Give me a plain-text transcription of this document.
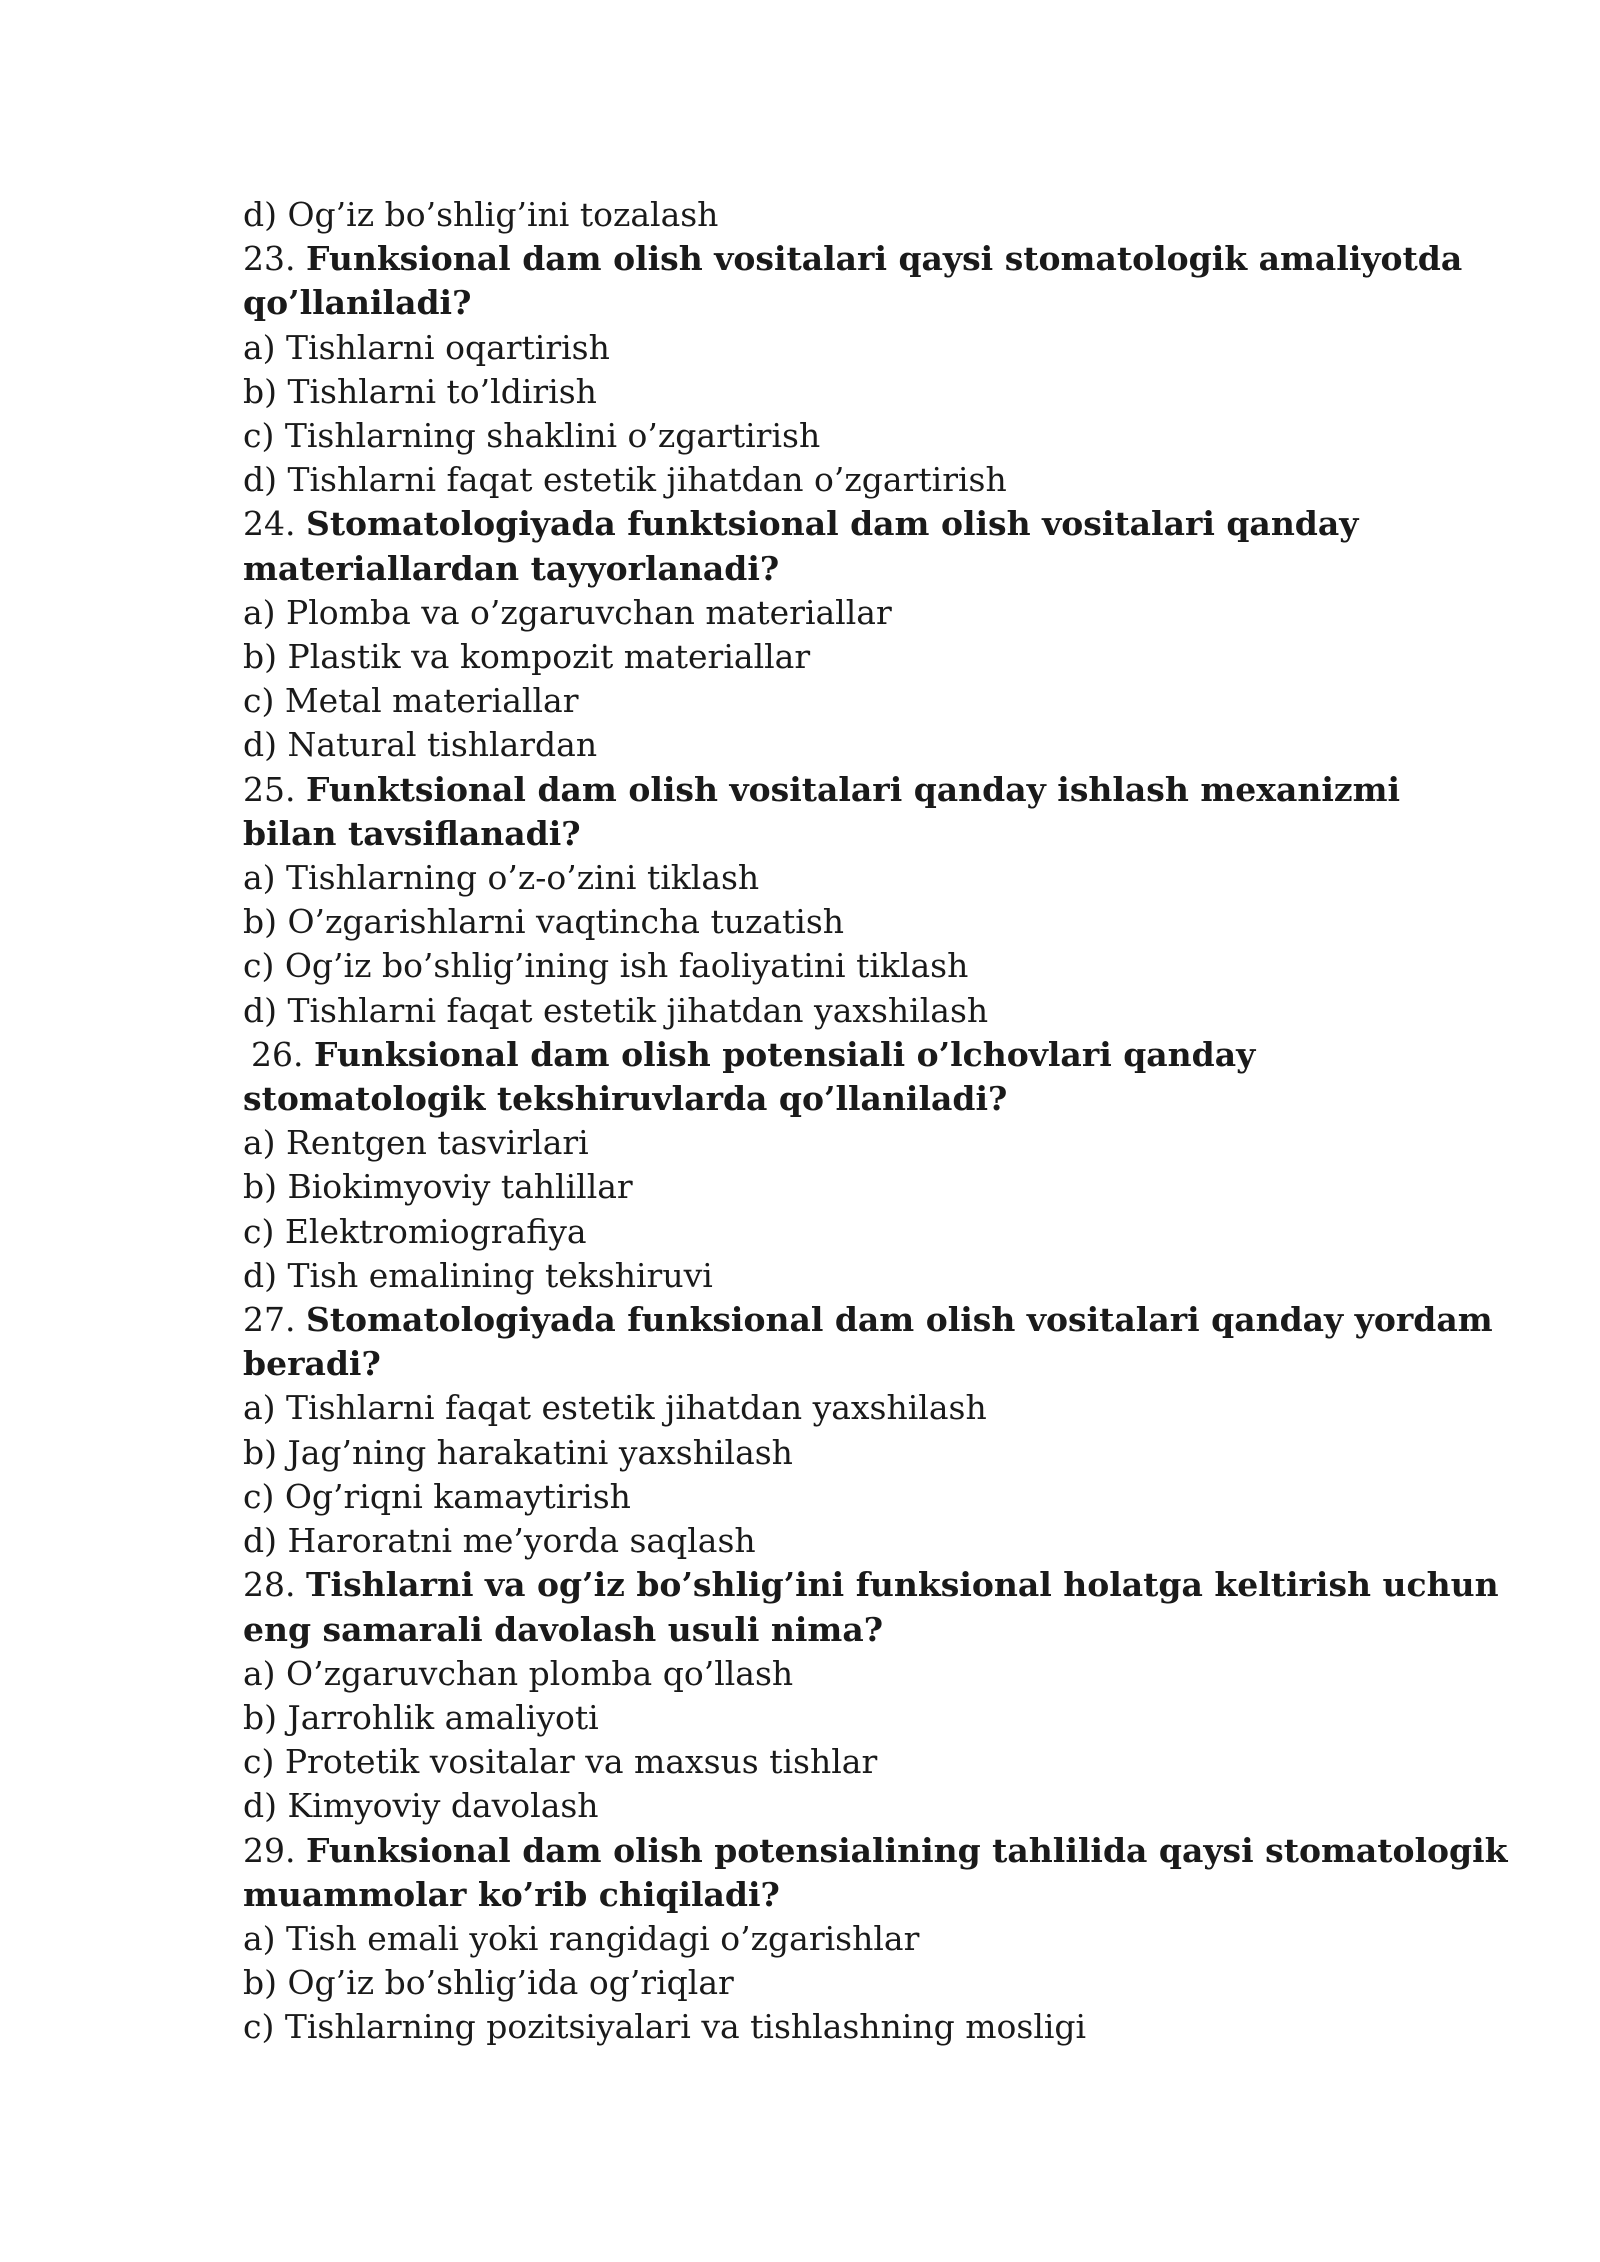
d) Og’iz bo’shlig’ini tozalash
23. Funksional dam olish vositalari qaysi stomatologik amaliyotda
qo’llaniladi?
a) Tishlarni oqartirish
b) Tishlarni to’ldirish
c) Tishlarning shaklini o’zgartirish
d) Tishlarni faqat estetik jihatdan o’zgartirish
24. Stomatologiyada funktsional dam olish vositalari qanday
materiallardan tayyorlanadi?
a) Plomba va o’zgaruvchan materiallar
b) Plastik va kompozit materiallar
c) Metal materiallar
d) Natural tishlardan
25. Funktsional dam olish vositalari qanday ishlash mexanizmi
bilan tavsiflanadi?
a) Tishlarning o’z-o’zini tiklash
b) O’zgarishlarni vaqtincha tuzatish
c) Og’iz bo’shlig’ining ish faoliyatini tiklash
d) Tishlarni faqat estetik jihatdan yaxshilash
26. Funksional dam olish potensiali o’lchovlari qanday
stomatologik tekshiruvlarda qo’llaniladi?
a) Rentgen tasvirlari
b) Biokimyoviy tahlillar
c) Elektromiografiya
d) Tish emalining tekshiruvi
27. Stomatologiyada funksional dam olish vositalari qanday yordam
beradi?
a) Tishlarni faqat estetik jihatdan yaxshilash
b) Jag’ning harakatini yaxshilash
c) Og’riqni kamaytirish
d) Haroratni me’yorda saqlash
28. Tishlarni va og’iz bo’shlig’ini funksional holatga keltirish uchun
eng samarali davolash usuli nima?
a) O’zgaruvchan plomba qo’llash
b) Jarrohlik amaliyoti
c) Protetik vositalar va maxsus tishlar
d) Kimyoviy davolash
29. Funksional dam olish potensialining tahlilida qaysi stomatologik
muammolar ko’rib chiqiladi?
a) Tish emali yoki rangidagi o’zgarishlar
b) Og’iz bo’shlig’ida og’riqlar
c) Tishlarning pozitsiyalari va tishlashning mosligi
